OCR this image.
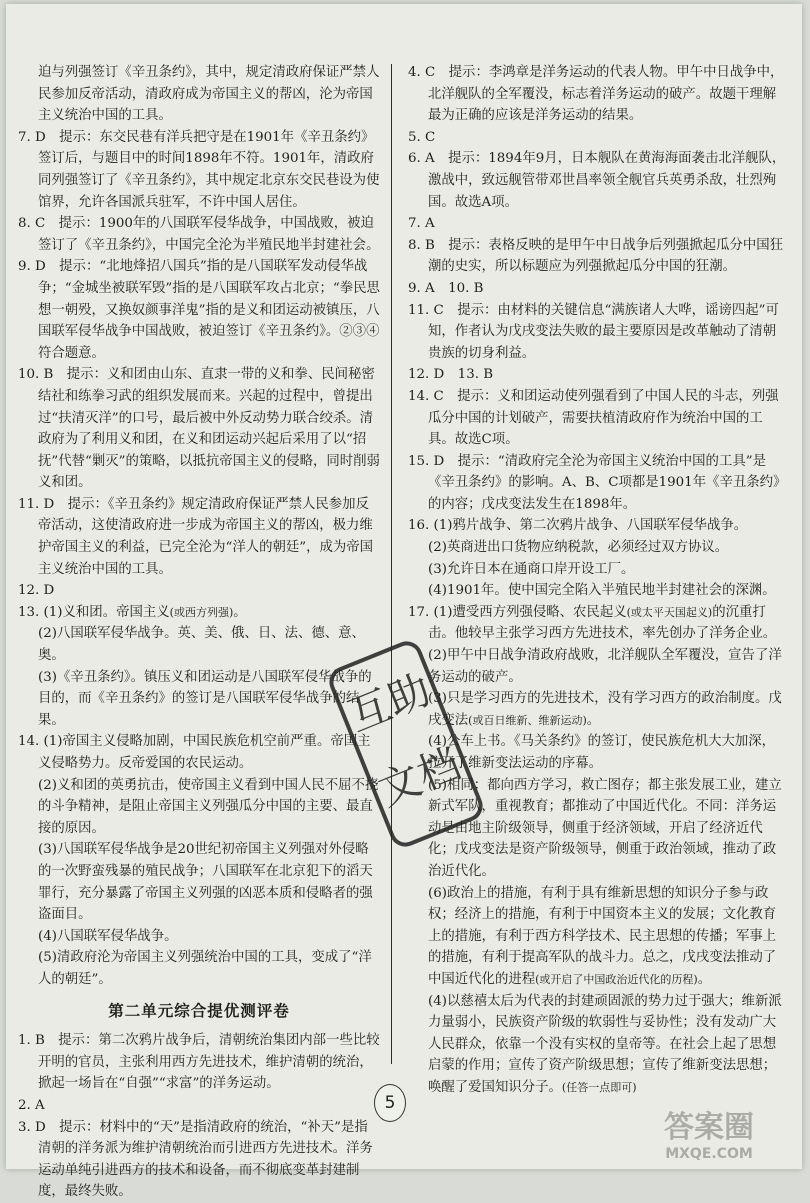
迫与列强签订《辛丑条约》，其中，规定清政府保证严禁人民参加反帝活动，清政府成为帝国主义的帮凶，沦为帝国主义统治中国的工具。

7. D　提示：东交民巷有洋兵把守是在1901年《辛丑条约》签订后，与题目中的时间1898年不符。1901年，清政府同列强签订了《辛丑条约》，其中规定北京东交民巷设为使馆界，允许各国派兵驻军，不许中国人居住。

8. C　提示：1900年的八国联军侵华战争，中国战败，被迫签订了《辛丑条约》，中国完全沦为半殖民地半封建社会。

9. D　提示：“北地烽招八国兵”指的是八国联军发动侵华战争；“金城坐被联军毁”指的是八国联军攻占北京；“拳民思想一朝殁，又换奴颜事洋鬼”指的是义和团运动被镇压，八国联军侵华战争中国战败，被迫签订《辛丑条约》。②③④符合题意。

10. B　提示：义和团由山东、直隶一带的义和拳、民间秘密结社和练拳习武的组织发展而来。兴起的过程中，曾提出过“扶清灭洋”的口号，最后被中外反动势力联合绞杀。清政府为了利用义和团，在义和团运动兴起后采用了以“招抚”代替“剿灭”的策略，以抵抗帝国主义的侵略，同时削弱义和团。

11. D　提示：《辛丑条约》规定清政府保证严禁人民参加反帝活动，这使清政府进一步成为帝国主义的帮凶，极力维护帝国主义的利益，已完全沦为“洋人的朝廷”，成为帝国主义统治中国的工具。

12. D

13. (1)义和团。帝国主义(或西方列强)。

(2)八国联军侵华战争。英、美、俄、日、法、德、意、奥。

(3)《辛丑条约》。镇压义和团运动是八国联军侵华战争的目的，而《辛丑条约》的签订是八国联军侵华战争的结果。

14. (1)帝国主义侵略加剧，中国民族危机空前严重。帝国主义侵略势力。反帝爱国的农民运动。

(2)义和团的英勇抗击，使帝国主义看到中国人民不屈不挠的斗争精神，是阻止帝国主义列强瓜分中国的主要、最直接的原因。

(3)八国联军侵华战争是20世纪初帝国主义列强对外侵略的一次野蛮残暴的殖民战争；八国联军在北京犯下的滔天罪行，充分暴露了帝国主义列强的凶恶本质和侵略者的强盗面目。

(4)八国联军侵华战争。

(5)清政府沦为帝国主义列强统治中国的工具，变成了“洋人的朝廷”。

第二单元综合提优测评卷

1. B　提示：第二次鸦片战争后，清朝统治集团内部一些比较开明的官员，主张利用西方先进技术，维护清朝的统治，掀起一场旨在“自强”“求富”的洋务运动。

2. A

3. D　提示：材料中的“天”是指清政府的统治，“补天”是指清朝的洋务派为维护清朝统治而引进西方先进技术。洋务运动单纯引进西方的技术和设备，而不彻底变革封建制度，最终失败。

4. C　提示：李鸿章是洋务运动的代表人物。甲午中日战争中，北洋舰队的全军覆没，标志着洋务运动的破产。故题干理解最为正确的应该是洋务运动的结果。

5. C

6. A　提示：1894年9月，日本舰队在黄海海面袭击北洋舰队，激战中，致远舰管带邓世昌率领全舰官兵英勇杀敌，壮烈殉国。故选A项。

7. A

8. B　提示：表格反映的是甲午中日战争后列强掀起瓜分中国狂潮的史实，所以标题应为列强掀起瓜分中国的狂潮。

9. A　10. B

11. C　提示：由材料的关键信息“满族诸人大哗，谣谤四起”可知，作者认为戊戌变法失败的最主要原因是改革触动了清朝贵族的切身利益。

12. D　13. B

14. C　提示：义和团运动使列强看到了中国人民的斗志，列强瓜分中国的计划破产，需要扶植清政府作为统治中国的工具。故选C项。

15. D　提示：“清政府完全沦为帝国主义统治中国的工具”是《辛丑条约》的影响。A、B、C项都是1901年《辛丑条约》的内容；戊戌变法发生在1898年。

16. (1)鸦片战争、第二次鸦片战争、八国联军侵华战争。

(2)英商进出口货物应纳税款，必须经过双方协议。

(3)允许日本在通商口岸开设工厂。

(4)1901年。使中国完全陷入半殖民地半封建社会的深渊。

17. (1)遭受西方列强侵略、农民起义(或太平天国起义)的沉重打击。他较早主张学习西方先进技术，率先创办了洋务企业。

(2)甲午中日战争清政府战败，北洋舰队全军覆没，宣告了洋务运动的破产。

(3)只是学习西方的先进技术，没有学习西方的政治制度。戊戌变法(或百日维新、维新运动)。

(4)公车上书。《马关条约》的签订，使民族危机大大加深，拉开了维新变法运动的序幕。

(5)相同：都向西方学习，救亡图存；都主张发展工业，建立新式军队，重视教育；都推动了中国近代化。不同：洋务运动是由地主阶级领导，侧重于经济领域，开启了经济近代化；戊戌变法是资产阶级领导，侧重于政治领域，推动了政治近代化。

(6)政治上的措施，有利于具有维新思想的知识分子参与政权；经济上的措施，有利于中国资本主义的发展；文化教育上的措施，有利于西方科学技术、民主思想的传播；军事上的措施，有利于提高军队的战斗力。总之，戊戌变法推动了中国近代化的进程(或开启了中国政治近代化的历程)。

(4)以慈禧太后为代表的封建顽固派的势力过于强大；维新派力量弱小，民族资产阶级的软弱性与妥协性；没有发动广大人民群众，依靠一个没有实权的皇帝等。在社会上起了思想启蒙的作用；宣传了资产阶级思想；宣传了维新变法思想；唤醒了爱国知识分子。(任答一点即可)

5
互助
文档
答案圈
MXQE.COM
